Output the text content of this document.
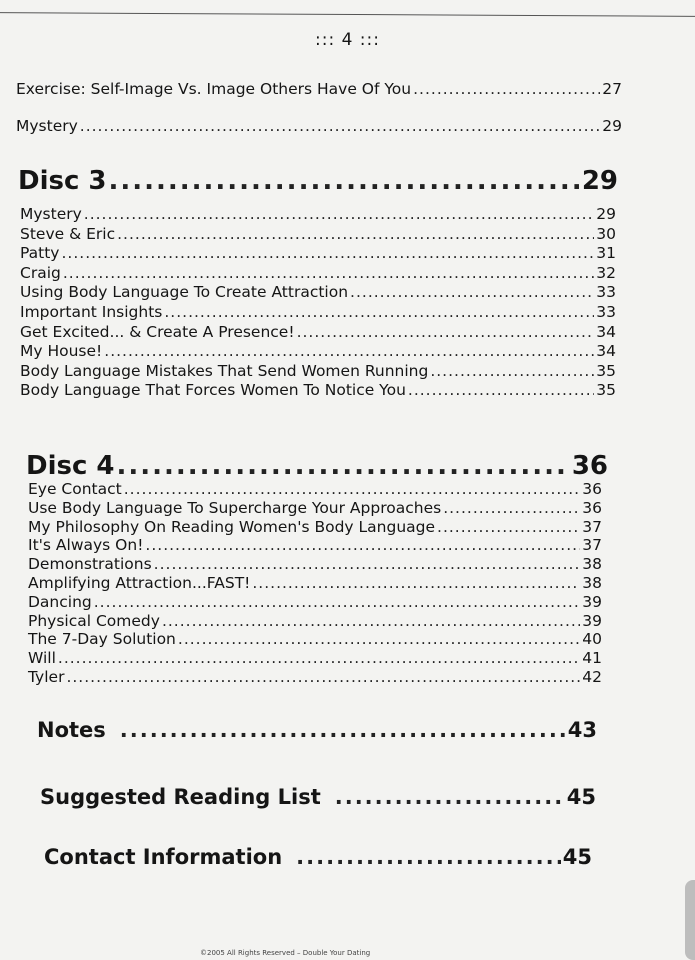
::: 4 :::
Exercise: Self-Image Vs. Image Others Have Of You .....	27
Mystery .....	29
Disc 3 .....	29
Mystery .....	29
Steve & Eric .....	30
Patty .....	31
Craig .....	32
Using Body Language To Create Attraction .....	33
Important Insights .....	33
Get Excited... & Create A Presence! .....	34
My House! .....	34
Body Language Mistakes That Send Women Running .....	35
Body Language That Forces Women To Notice You .....	35
Disc 4 .....	36
Eye Contact .....	36
Use Body Language To Supercharge Your Approaches .....	36
My Philosophy On Reading Women's Body Language .....	37
It's Always On! .....	37
Demonstrations .....	38
Amplifying Attraction...FAST! .....	38
Dancing .....	39
Physical Comedy .....	39
The 7-Day Solution .....	40
Will .....	41
Tyler .....	42
Notes .....	43
Suggested Reading List .....	45
Contact Information .....	45
©2005 All Rights Reserved – Double Your Dating
